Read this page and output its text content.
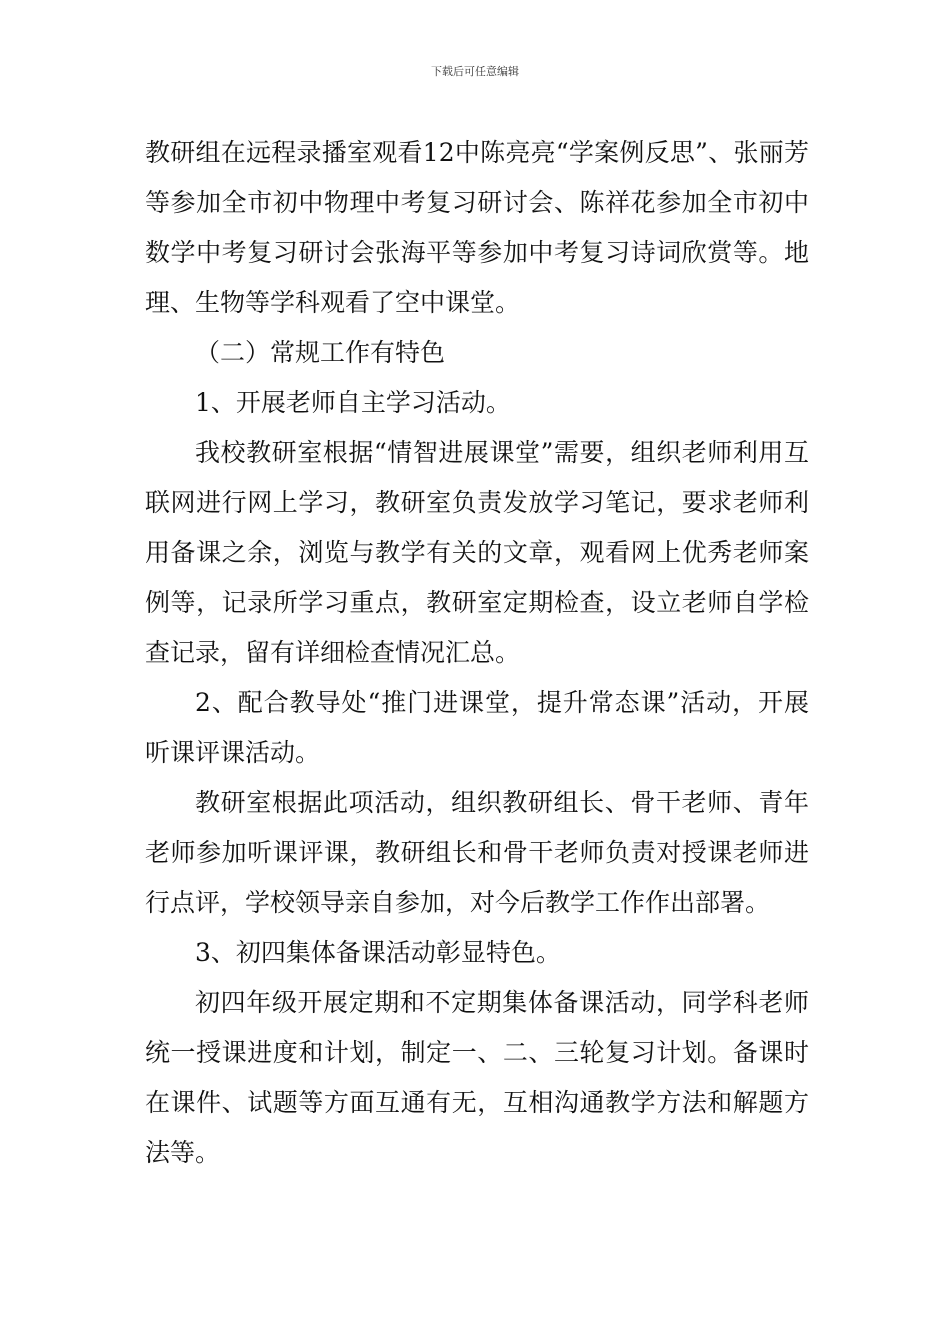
下载后可任意编辑

教研组在远程录播室观看12中陈亮亮“学案例反思”、张丽芳等参加全市初中物理中考复习研讨会、陈祥花参加全市初中数学中考复习研讨会张海平等参加中考复习诗词欣赏等。地理、生物等学科观看了空中课堂。

（二）常规工作有特色

1、开展老师自主学习活动。

我校教研室根据“情智进展课堂”需要，组织老师利用互联网进行网上学习，教研室负责发放学习笔记，要求老师利用备课之余，浏览与教学有关的文章，观看网上优秀老师案例等，记录所学习重点，教研室定期检查，设立老师自学检查记录，留有详细检查情况汇总。

2、配合教导处“推门进课堂，提升常态课”活动，开展听课评课活动。

教研室根据此项活动，组织教研组长、骨干老师、青年老师参加听课评课，教研组长和骨干老师负责对授课老师进行点评，学校领导亲自参加，对今后教学工作作出部署。

3、初四集体备课活动彰显特色。

初四年级开展定期和不定期集体备课活动，同学科老师统一授课进度和计划，制定一、二、三轮复习计划。备课时在课件、试题等方面互通有无，互相沟通教学方法和解题方法等。
